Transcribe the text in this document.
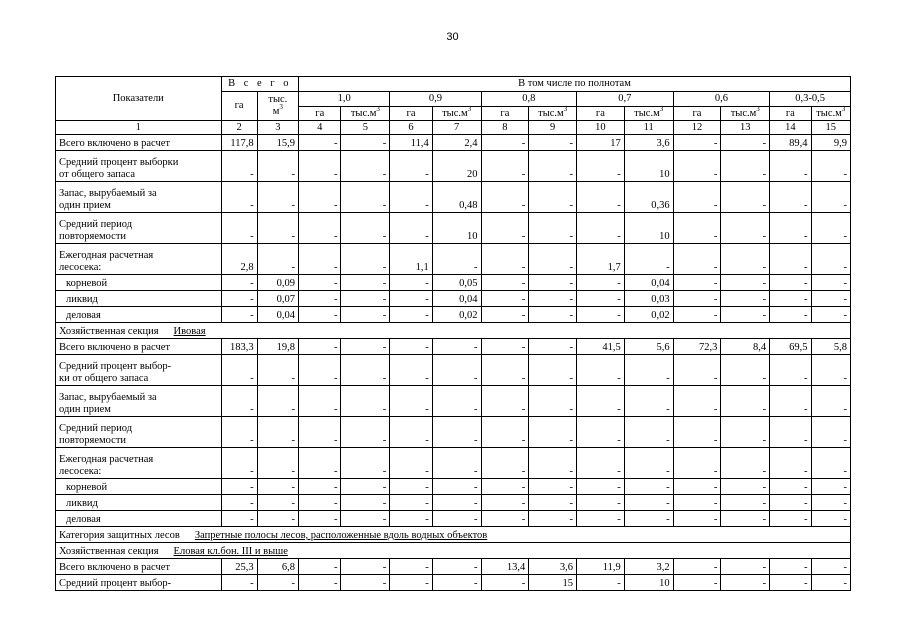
30
Показатели	В с е г о		В том числе по полнотам											
	га	тыс.
$м^3$	1,0		0,9		0,8		0,7		0,6		0,3-0,5	
			га	$тыс.м^3$	га	$тыс.м^3$	га	$тыс.м^3$	га	$тыс.м^3$	га	$тыс.м^3$	га	$тыс.м^3$
1	2	3	4	5	6	7	8	9	10	11	12	13	14	15
Всего включено в расчет	117,8	15,9	-	-	11,4	2,4	-	-	17	3,6	-	-	89,4	9,9
Средний процент выборки
от общего запаса	-	-	-	-	-	20	-	-	-	10	-	-	-	-
Запас, вырубаемый за
один прием	-	-	-	-	-	0,48	-	-	-	0,36	-	-	-	-
Средний период
повторяемости	-	-	-	-	-	10	-	-	-	10	-	-	-	-
Ежегодная расчетная
лесосека:	2,8	-	-	-	1,1	-	-	-	1,7	-	-	-	-	-
корневой	-	0,09	-	-	-	0,05	-	-	-	0,04	-	-	-	-
ликвид	-	0,07	-	-	-	0,04	-	-	-	0,03	-	-	-	-
деловая	-	0,04	-	-	-	0,02	-	-	-	0,02	-	-	-	-
Хозяйственная секция Ивовая														
Всего включено в расчет	183,3	19,8	-	-	-	-	-	-	41,5	5,6	72,3	8,4	69,5	5,8
Средний процент выбор-
ки от общего запаса	-	-	-	-	-	-	-	-	-	-	-	-	-	-
Запас, вырубаемый за
один прием	-	-	-	-	-	-	-	-	-	-	-	-	-	-
Средний период
повторяемости	-	-	-	-	-	-	-	-	-	-	-	-	-	-
Ежегодная расчетная
лесосека:	-	-	-	-	-	-	-	-	-	-	-	-	-	-
корневой	-	-	-	-	-	-	-	-	-	-	-	-	-	-
ликвид	-	-	-	-	-	-	-	-	-	-	-	-	-	-
деловая	-	-	-	-	-	-	-	-	-	-	-	-	-	-
Категория защитных лесов Запретные полосы лесов, расположенные вдоль водных объектов														
Хозяйственная секция Еловая кл.бон. III и выше														
Всего включено в расчет	25,3	6,8	-	-	-	-	13,4	3,6	11,9	3,2	-	-	-	-
Средний процент выбор-	-	-	-	-	-	-	-	15	-	10	-	-	-	-
